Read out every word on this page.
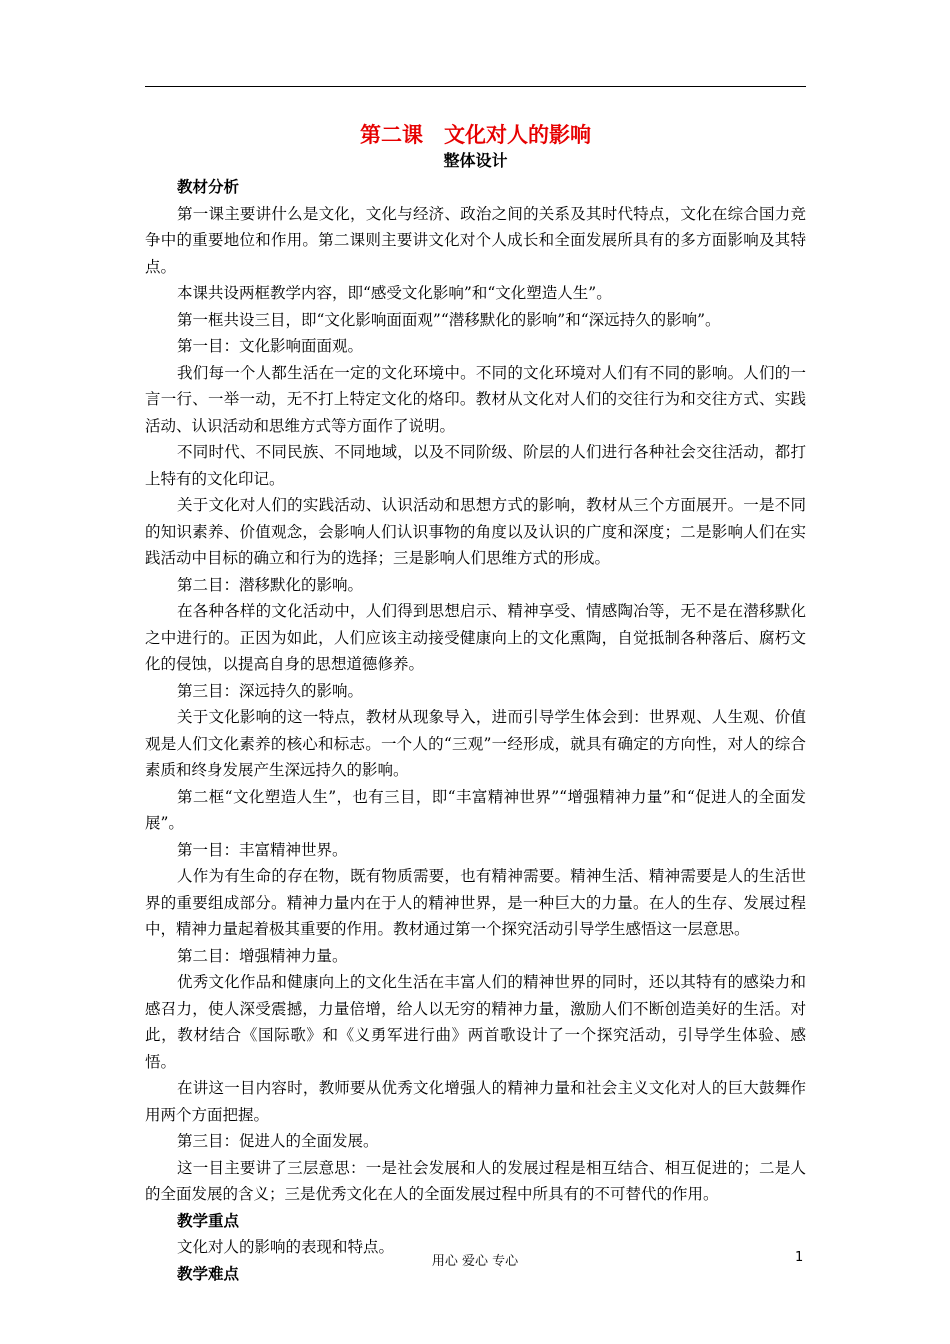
第二课　文化对人的影响
整体设计
教材分析

第一课主要讲什么是文化，文化与经济、政治之间的关系及其时代特点，文化在综合国力竞争中的重要地位和作用。第二课则主要讲文化对个人成长和全面发展所具有的多方面影响及其特点。

本课共设两框教学内容，即“感受文化影响”和“文化塑造人生”。

第一框共设三目，即“文化影响面面观”“潜移默化的影响”和“深远持久的影响”。

第一目：文化影响面面观。

我们每一个人都生活在一定的文化环境中。不同的文化环境对人们有不同的影响。人们的一言一行、一举一动，无不打上特定文化的烙印。教材从文化对人们的交往行为和交往方式、实践活动、认识活动和思维方式等方面作了说明。

不同时代、不同民族、不同地域，以及不同阶级、阶层的人们进行各种社会交往活动，都打上特有的文化印记。

关于文化对人们的实践活动、认识活动和思想方式的影响，教材从三个方面展开。一是不同的知识素养、价值观念，会影响人们认识事物的角度以及认识的广度和深度；二是影响人们在实践活动中目标的确立和行为的选择；三是影响人们思维方式的形成。

第二目：潜移默化的影响。

在各种各样的文化活动中，人们得到思想启示、精神享受、情感陶冶等，无不是在潜移默化之中进行的。正因为如此，人们应该主动接受健康向上的文化熏陶，自觉抵制各种落后、腐朽文化的侵蚀，以提高自身的思想道德修养。

第三目：深远持久的影响。

关于文化影响的这一特点，教材从现象导入，进而引导学生体会到：世界观、人生观、价值观是人们文化素养的核心和标志。一个人的“三观”一经形成，就具有确定的方向性，对人的综合素质和终身发展产生深远持久的影响。

第二框“文化塑造人生”，也有三目，即“丰富精神世界”“增强精神力量”和“促进人的全面发展”。

第一目：丰富精神世界。

人作为有生命的存在物，既有物质需要，也有精神需要。精神生活、精神需要是人的生活世界的重要组成部分。精神力量内在于人的精神世界，是一种巨大的力量。在人的生存、发展过程中，精神力量起着极其重要的作用。教材通过第一个探究活动引导学生感悟这一层意思。

第二目：增强精神力量。

优秀文化作品和健康向上的文化生活在丰富人们的精神世界的同时，还以其特有的感染力和感召力，使人深受震撼，力量倍增，给人以无穷的精神力量，激励人们不断创造美好的生活。对此，教材结合《国际歌》和《义勇军进行曲》两首歌设计了一个探究活动，引导学生体验、感悟。

在讲这一目内容时，教师要从优秀文化增强人的精神力量和社会主义文化对人的巨大鼓舞作用两个方面把握。

第三目：促进人的全面发展。

这一目主要讲了三层意思：一是社会发展和人的发展过程是相互结合、相互促进的；二是人的全面发展的含义；三是优秀文化在人的全面发展过程中所具有的不可替代的作用。

教学重点

文化对人的影响的表现和特点。

教学难点
用心 爱心 专心	1
